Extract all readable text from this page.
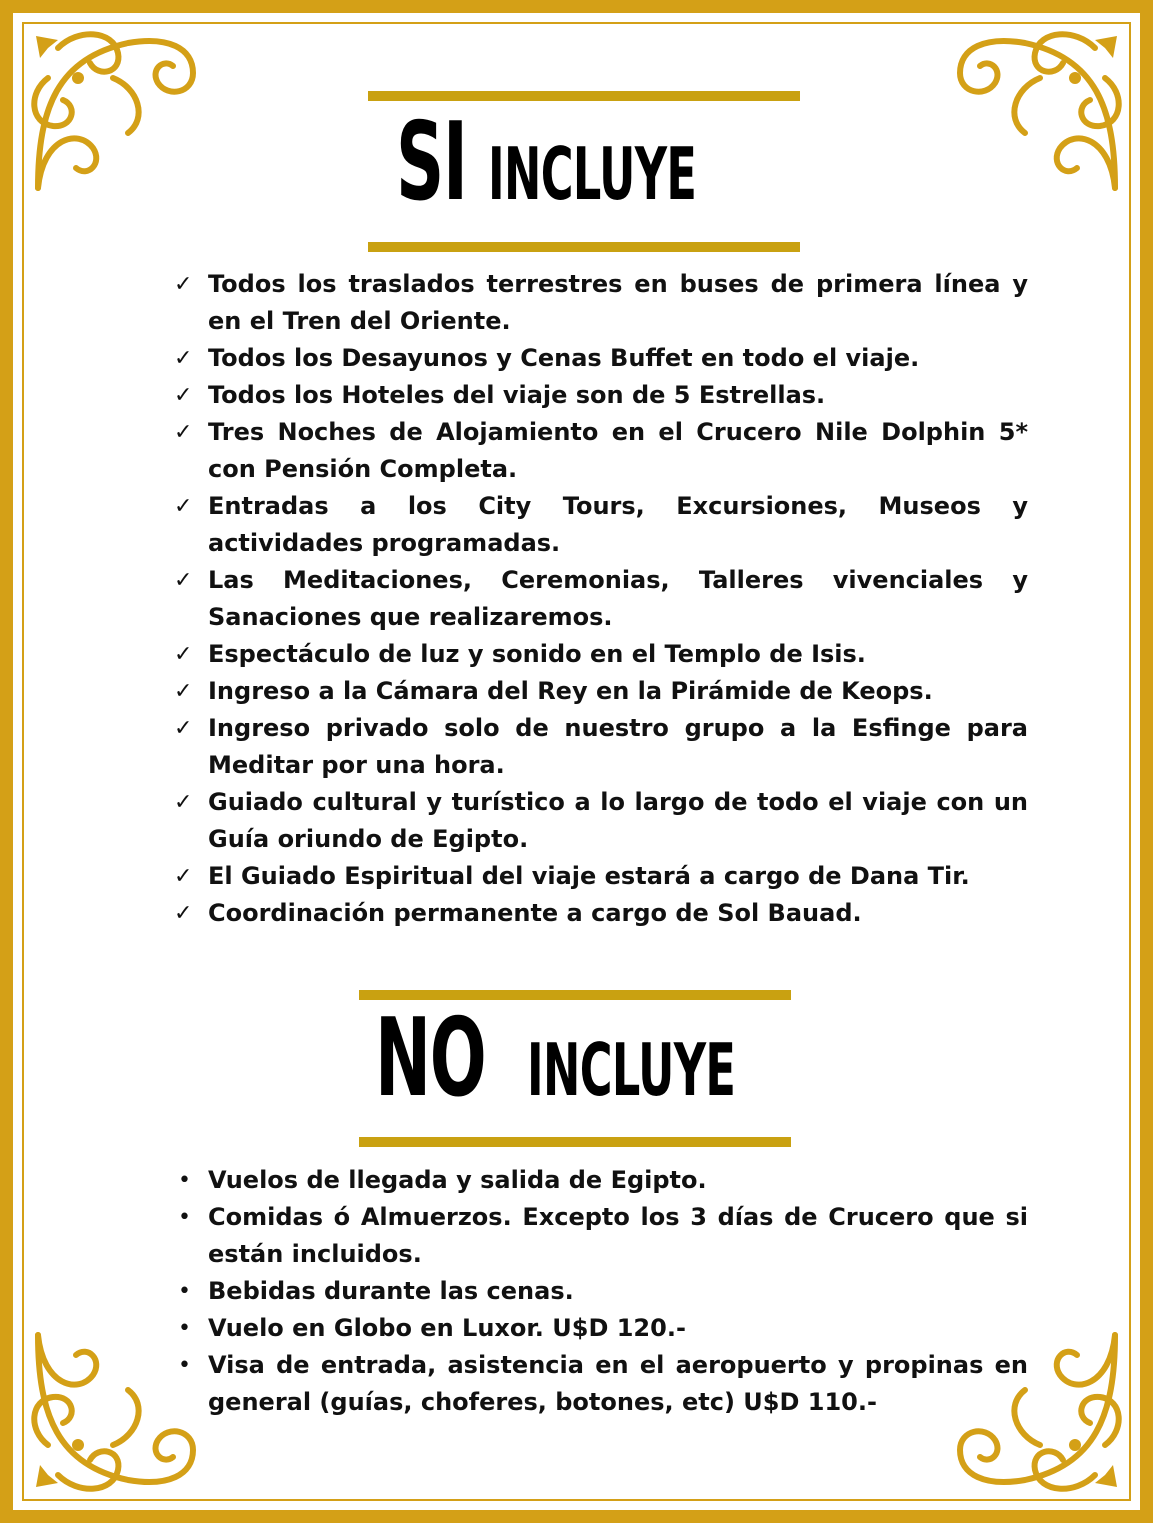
SI INCLUYE
✓ Todos los traslados terrestres en buses de primera línea y en el Tren del Oriente.
✓ Todos los Desayunos y Cenas Buffet en todo el viaje.
✓ Todos los Hoteles del viaje son de 5 Estrellas.
✓ Tres Noches de Alojamiento en el Crucero Nile Dolphin 5* con Pensión Completa.
✓ Entradas a los City Tours, Excursiones, Museos y actividades programadas.
✓ Las Meditaciones, Ceremonias, Talleres vivenciales y Sanaciones que realizaremos.
✓ Espectáculo de luz y sonido en el Templo de Isis.
✓ Ingreso a la Cámara del Rey en la Pirámide de Keops.
✓ Ingreso privado solo de nuestro grupo a la Esfinge para Meditar por una hora.
✓ Guiado cultural y turístico a lo largo de todo el viaje con un Guía oriundo de Egipto.
✓ El Guiado Espiritual del viaje estará a cargo de Dana Tir.
✓ Coordinación permanente a cargo de Sol Bauad.
NO INCLUYE
• Vuelos de llegada y salida de Egipto.
• Comidas ó Almuerzos. Excepto los 3 días de Crucero que si están incluidos.
• Bebidas durante las cenas.
• Vuelo en Globo en Luxor. U$D 120.-
• Visa de entrada, asistencia en el aeropuerto y propinas en general (guías, choferes, botones, etc) U$D 110.-
